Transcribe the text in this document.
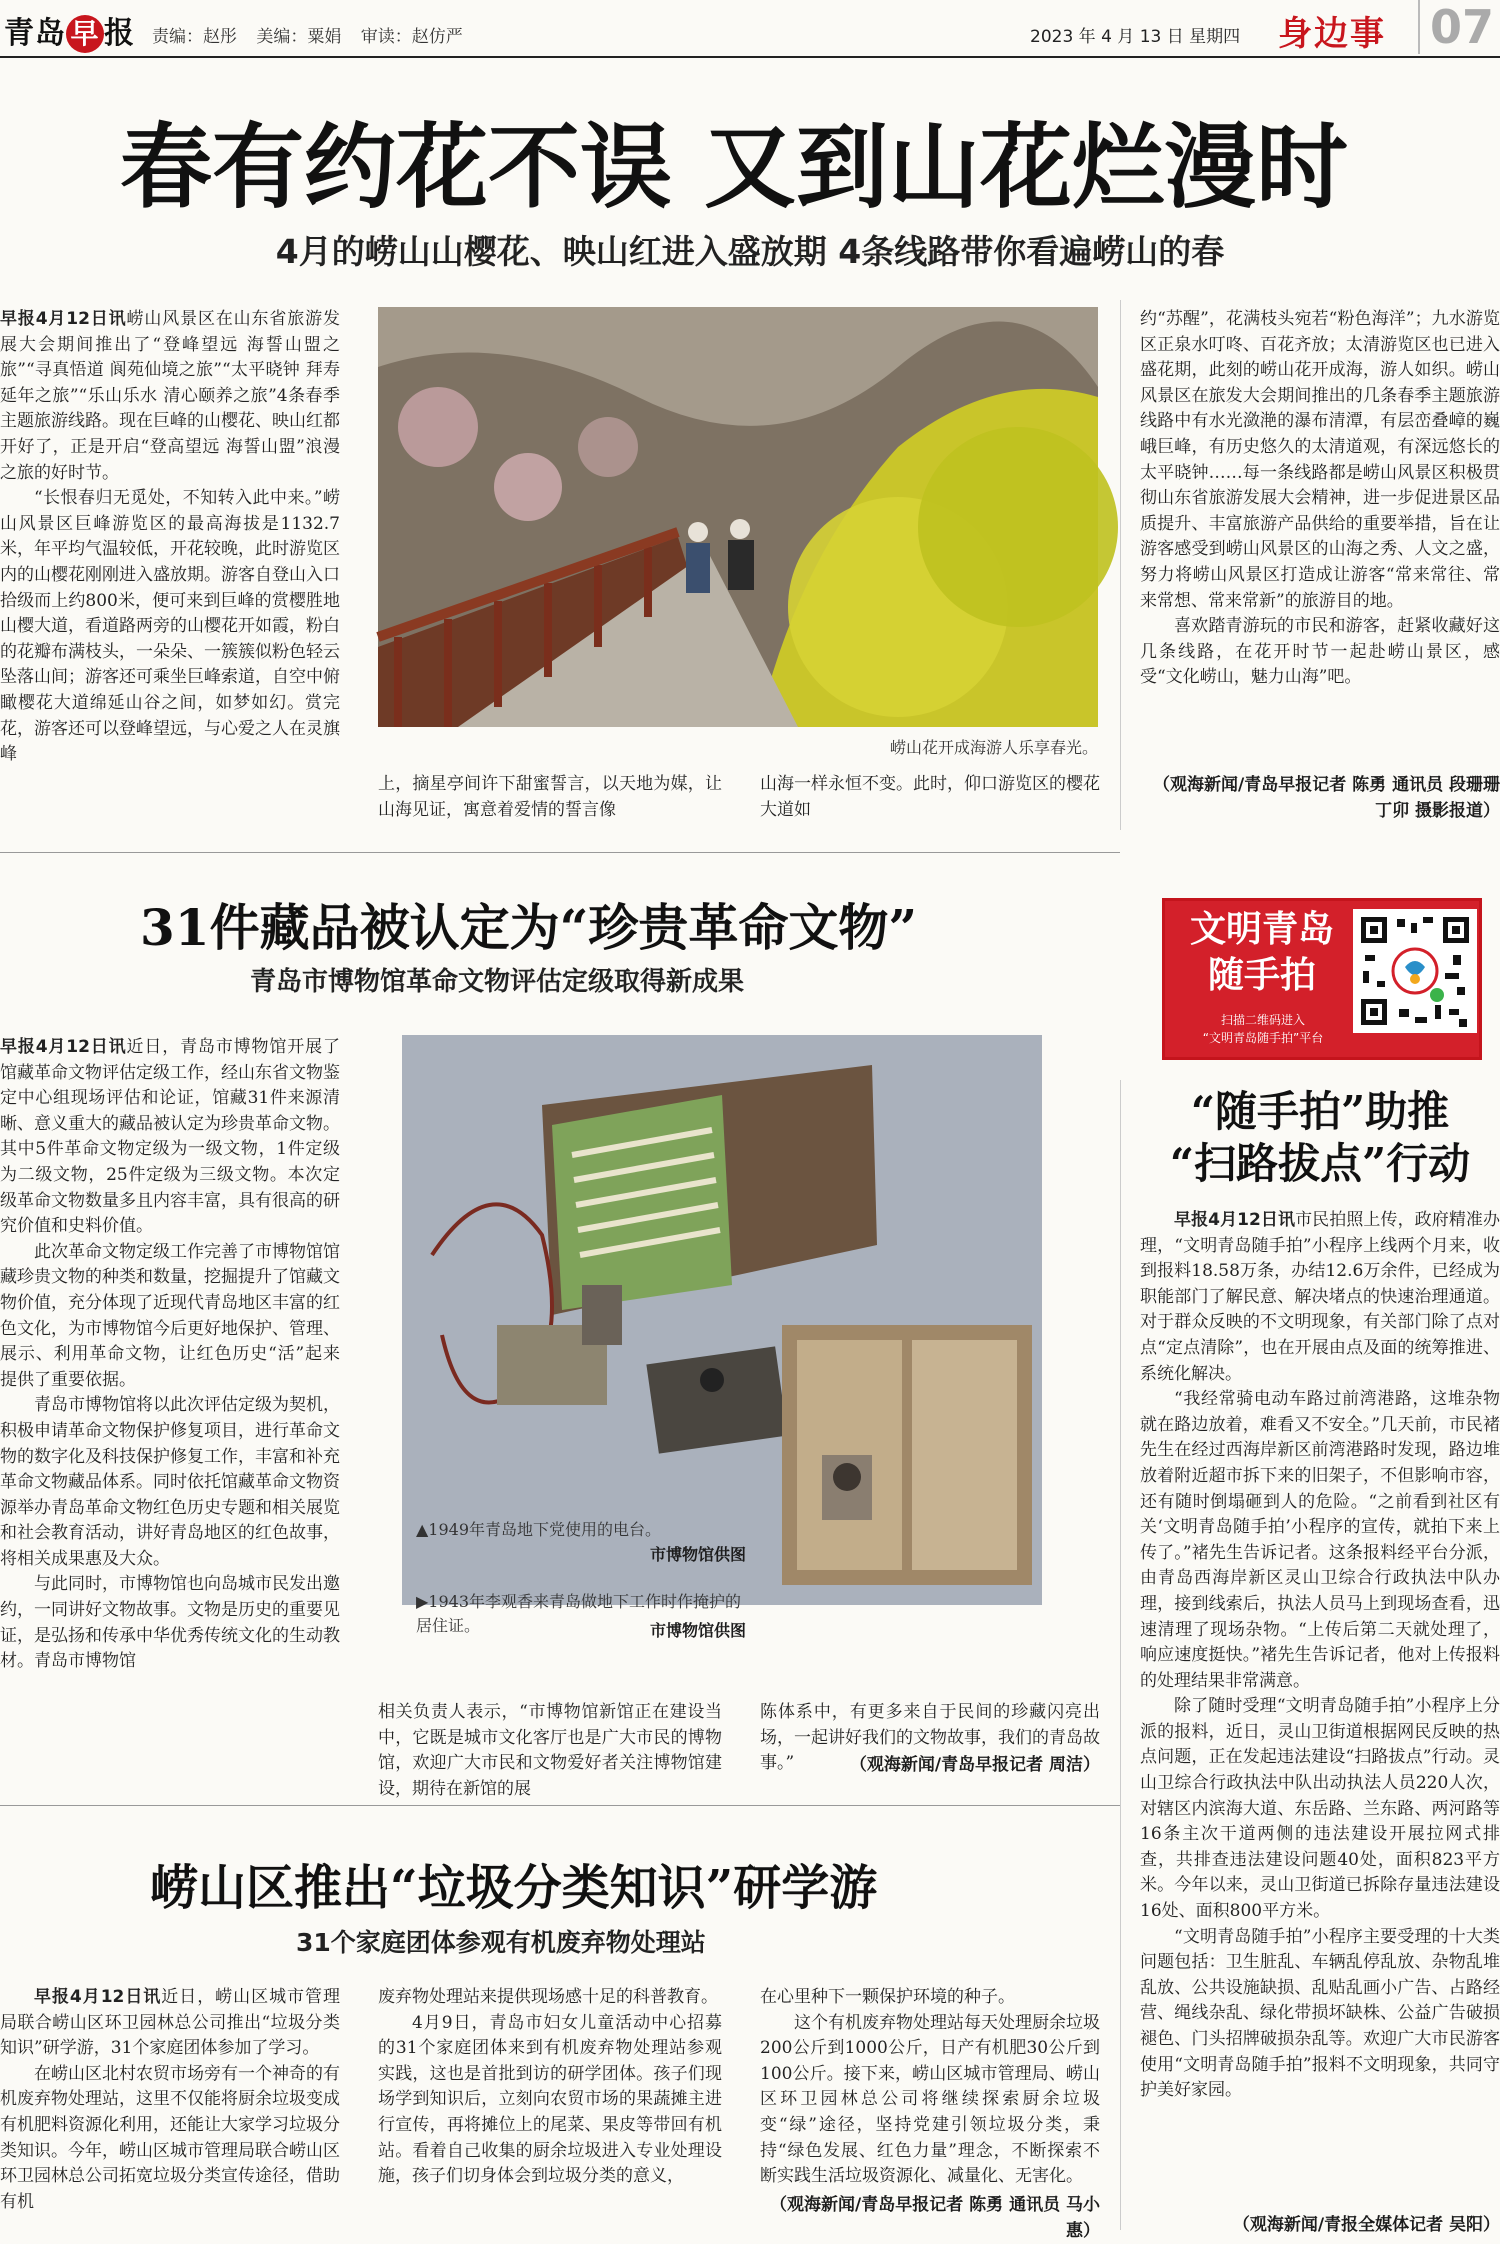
青岛 早 报 责编：赵彤 美编：粟娟 审读：赵仿严	2023 年 4 月 13 日 星期四 身边事 07
春有约花不误 又到山花烂漫时
4月的崂山山樱花、映山红进入盛放期 4条线路带你看遍崂山的春

早报4月12日讯崂山风景区在山东省旅游发展大会期间推出了“登峰望远 海誓山盟之旅”“寻真悟道 阆苑仙境之旅”“太平晓钟 拜寿延年之旅”“乐山乐水 清心颐养之旅”4条春季主题旅游线路。现在巨峰的山樱花、映山红都开好了，正是开启“登高望远 海誓山盟”浪漫之旅的好时节。

“长恨春归无觅处，不知转入此中来。”崂山风景区巨峰游览区的最高海拔是1132.7米，年平均气温较低，开花较晚，此时游览区内的山樱花刚刚进入盛放期。游客自登山入口拾级而上约800米，便可来到巨峰的赏樱胜地山樱大道，看道路两旁的山樱花开如霞，粉白的花瓣布满枝头，一朵朵、一簇簇似粉色轻云坠落山间；游客还可乘坐巨峰索道，自空中俯瞰樱花大道绵延山谷之间，如梦如幻。赏完花，游客还可以登峰望远，与心爱之人在灵旗峰	崂山花开成海游人乐享春光。
上，摘星亭间许下甜蜜誓言，以天地为媒，让山海见证，寓意着爱情的誓言像
山海一样永恒不变。此时，仰口游览区的樱花大道如

约“苏醒”，花满枝头宛若“粉色海洋”；九水游览区正泉水叮咚、百花齐放；太清游览区也已进入盛花期，此刻的崂山花开成海，游人如织。崂山风景区在旅发大会期间推出的几条春季主题旅游线路中有水光潋滟的瀑布清潭，有层峦叠嶂的巍峨巨峰，有历史悠久的太清道观，有深远悠长的太平晓钟……每一条线路都是崂山风景区积极贯彻山东省旅游发展大会精神，进一步促进景区品质提升、丰富旅游产品供给的重要举措，旨在让游客感受到崂山风景区的山海之秀、人文之盛，努力将崂山风景区打造成让游客“常来常往、常来常想、常来常新”的旅游目的地。

喜欢踏青游玩的市民和游客，赶紧收藏好这几条线路，在花开时节一起赴崂山景区，感受“文化崂山，魅力山海”吧。

（观海新闻/青岛早报记者 陈勇 通讯员 段珊珊 丁卯 摄影报道）
31件藏品被认定为“珍贵革命文物”
青岛市博物馆革命文物评估定级取得新成果

早报4月12日讯近日，青岛市博物馆开展了馆藏革命文物评估定级工作，经山东省文物鉴定中心组现场评估和论证，馆藏31件来源清晰、意义重大的藏品被认定为珍贵革命文物。其中5件革命文物定级为一级文物，1件定级为二级文物，25件定级为三级文物。本次定级革命文物数量多且内容丰富，具有很高的研究价值和史料价值。

此次革命文物定级工作完善了市博物馆馆藏珍贵文物的种类和数量，挖掘提升了馆藏文物价值，充分体现了近现代青岛地区丰富的红色文化，为市博物馆今后更好地保护、管理、展示、利用革命文物，让红色历史“活”起来提供了重要依据。

青岛市博物馆将以此次评估定级为契机，积极申请革命文物保护修复项目，进行革命文物的数字化及科技保护修复工作，丰富和补充革命文物藏品体系。同时依托馆藏革命文物资源举办青岛革命文物红色历史专题和相关展览和社会教育活动，讲好青岛地区的红色故事，将相关成果惠及大众。

与此同时，市博物馆也向岛城市民发出邀约，一同讲好文物故事。文物是历史的重要见证，是弘扬和传承中华优秀传统文化的生动教材。青岛市博物馆

▲1949年青岛地下党使用的电台。
市博物馆供图
▶1943年李观香来青岛做地下工作时作掩护的居住证。	市博物馆供图
相关负责人表示，“市博物馆新馆正在建设当中，它既是城市文化客厅也是广大市民的博物馆，欢迎广大市民和文物爱好者关注博物馆建设，期待在新馆的展
陈体系中，有更多来自于民间的珍藏闪亮出场，一起讲好我们的文物故事，我们的青岛故事。”	（观海新闻/青岛早报记者 周洁）
文明青岛
随手拍
扫描二维码进入
“文明青岛随手拍”平台
“随手拍”助推
“扫路拔点”行动

早报4月12日讯市民拍照上传，政府精准办理，“文明青岛随手拍”小程序上线两个月来，收到报料18.58万条，办结12.6万余件，已经成为职能部门了解民意、解决堵点的快速治理通道。对于群众反映的不文明现象，有关部门除了点对点“定点清除”，也在开展由点及面的统筹推进、系统化解决。

“我经常骑电动车路过前湾港路，这堆杂物就在路边放着，难看又不安全。”几天前，市民褚先生在经过西海岸新区前湾港路时发现，路边堆放着附近超市拆下来的旧架子，不但影响市容，还有随时倒塌砸到人的危险。“之前看到社区有关‘文明青岛随手拍’小程序的宣传，就拍下来上传了。”褚先生告诉记者。这条报料经平台分派，由青岛西海岸新区灵山卫综合行政执法中队办理，接到线索后，执法人员马上到现场查看，迅速清理了现场杂物。“上传后第二天就处理了，响应速度挺快。”褚先生告诉记者，他对上传报料的处理结果非常满意。

除了随时受理“文明青岛随手拍”小程序上分派的报料，近日，灵山卫街道根据网民反映的热点问题，正在发起违法建设“扫路拔点”行动。灵山卫综合行政执法中队出动执法人员220人次，对辖区内滨海大道、东岳路、兰东路、两河路等16条主次干道两侧的违法建设开展拉网式排查，共排查违法建设问题40处，面积823平方米。今年以来，灵山卫街道已拆除存量违法建设16处、面积800平方米。

“文明青岛随手拍”小程序主要受理的十大类问题包括：卫生脏乱、车辆乱停乱放、杂物乱堆乱放、公共设施缺损、乱贴乱画小广告、占路经营、绳线杂乱、绿化带损坏缺株、公益广告破损褪色、门头招牌破损杂乱等。欢迎广大市民游客使用“文明青岛随手拍”报料不文明现象，共同守护美好家园。

（观海新闻/青报全媒体记者 吴阳）
崂山区推出“垃圾分类知识”研学游
31个家庭团体参观有机废弃物处理站

早报4月12日讯近日，崂山区城市管理局联合崂山区环卫园林总公司推出“垃圾分类知识”研学游，31个家庭团体参加了学习。

在崂山区北村农贸市场旁有一个神奇的有机废弃物处理站，这里不仅能将厨余垃圾变成有机肥料资源化利用，还能让大家学习垃圾分类知识。今年，崂山区城市管理局联合崂山区环卫园林总公司拓宽垃圾分类宣传途径，借助有机

废弃物处理站来提供现场感十足的科普教育。

4月9日，青岛市妇女儿童活动中心招募的31个家庭团体来到有机废弃物处理站参观实践，这也是首批到访的研学团体。孩子们现场学到知识后，立刻向农贸市场的果蔬摊主进行宣传，再将摊位上的尾菜、果皮等带回有机站。看着自己收集的厨余垃圾进入专业处理设施，孩子们切身体会到垃圾分类的意义，

在心里种下一颗保护环境的种子。

这个有机废弃物处理站每天处理厨余垃圾200公斤到1000公斤，日产有机肥30公斤到100公斤。接下来，崂山区城市管理局、崂山区环卫园林总公司将继续探索厨余垃圾变“绿”途径，坚持党建引领垃圾分类，秉持“绿色发展、红色力量”理念，不断探索不断实践生活垃圾资源化、减量化、无害化。

（观海新闻/青岛早报记者 陈勇 通讯员 马小惠）
